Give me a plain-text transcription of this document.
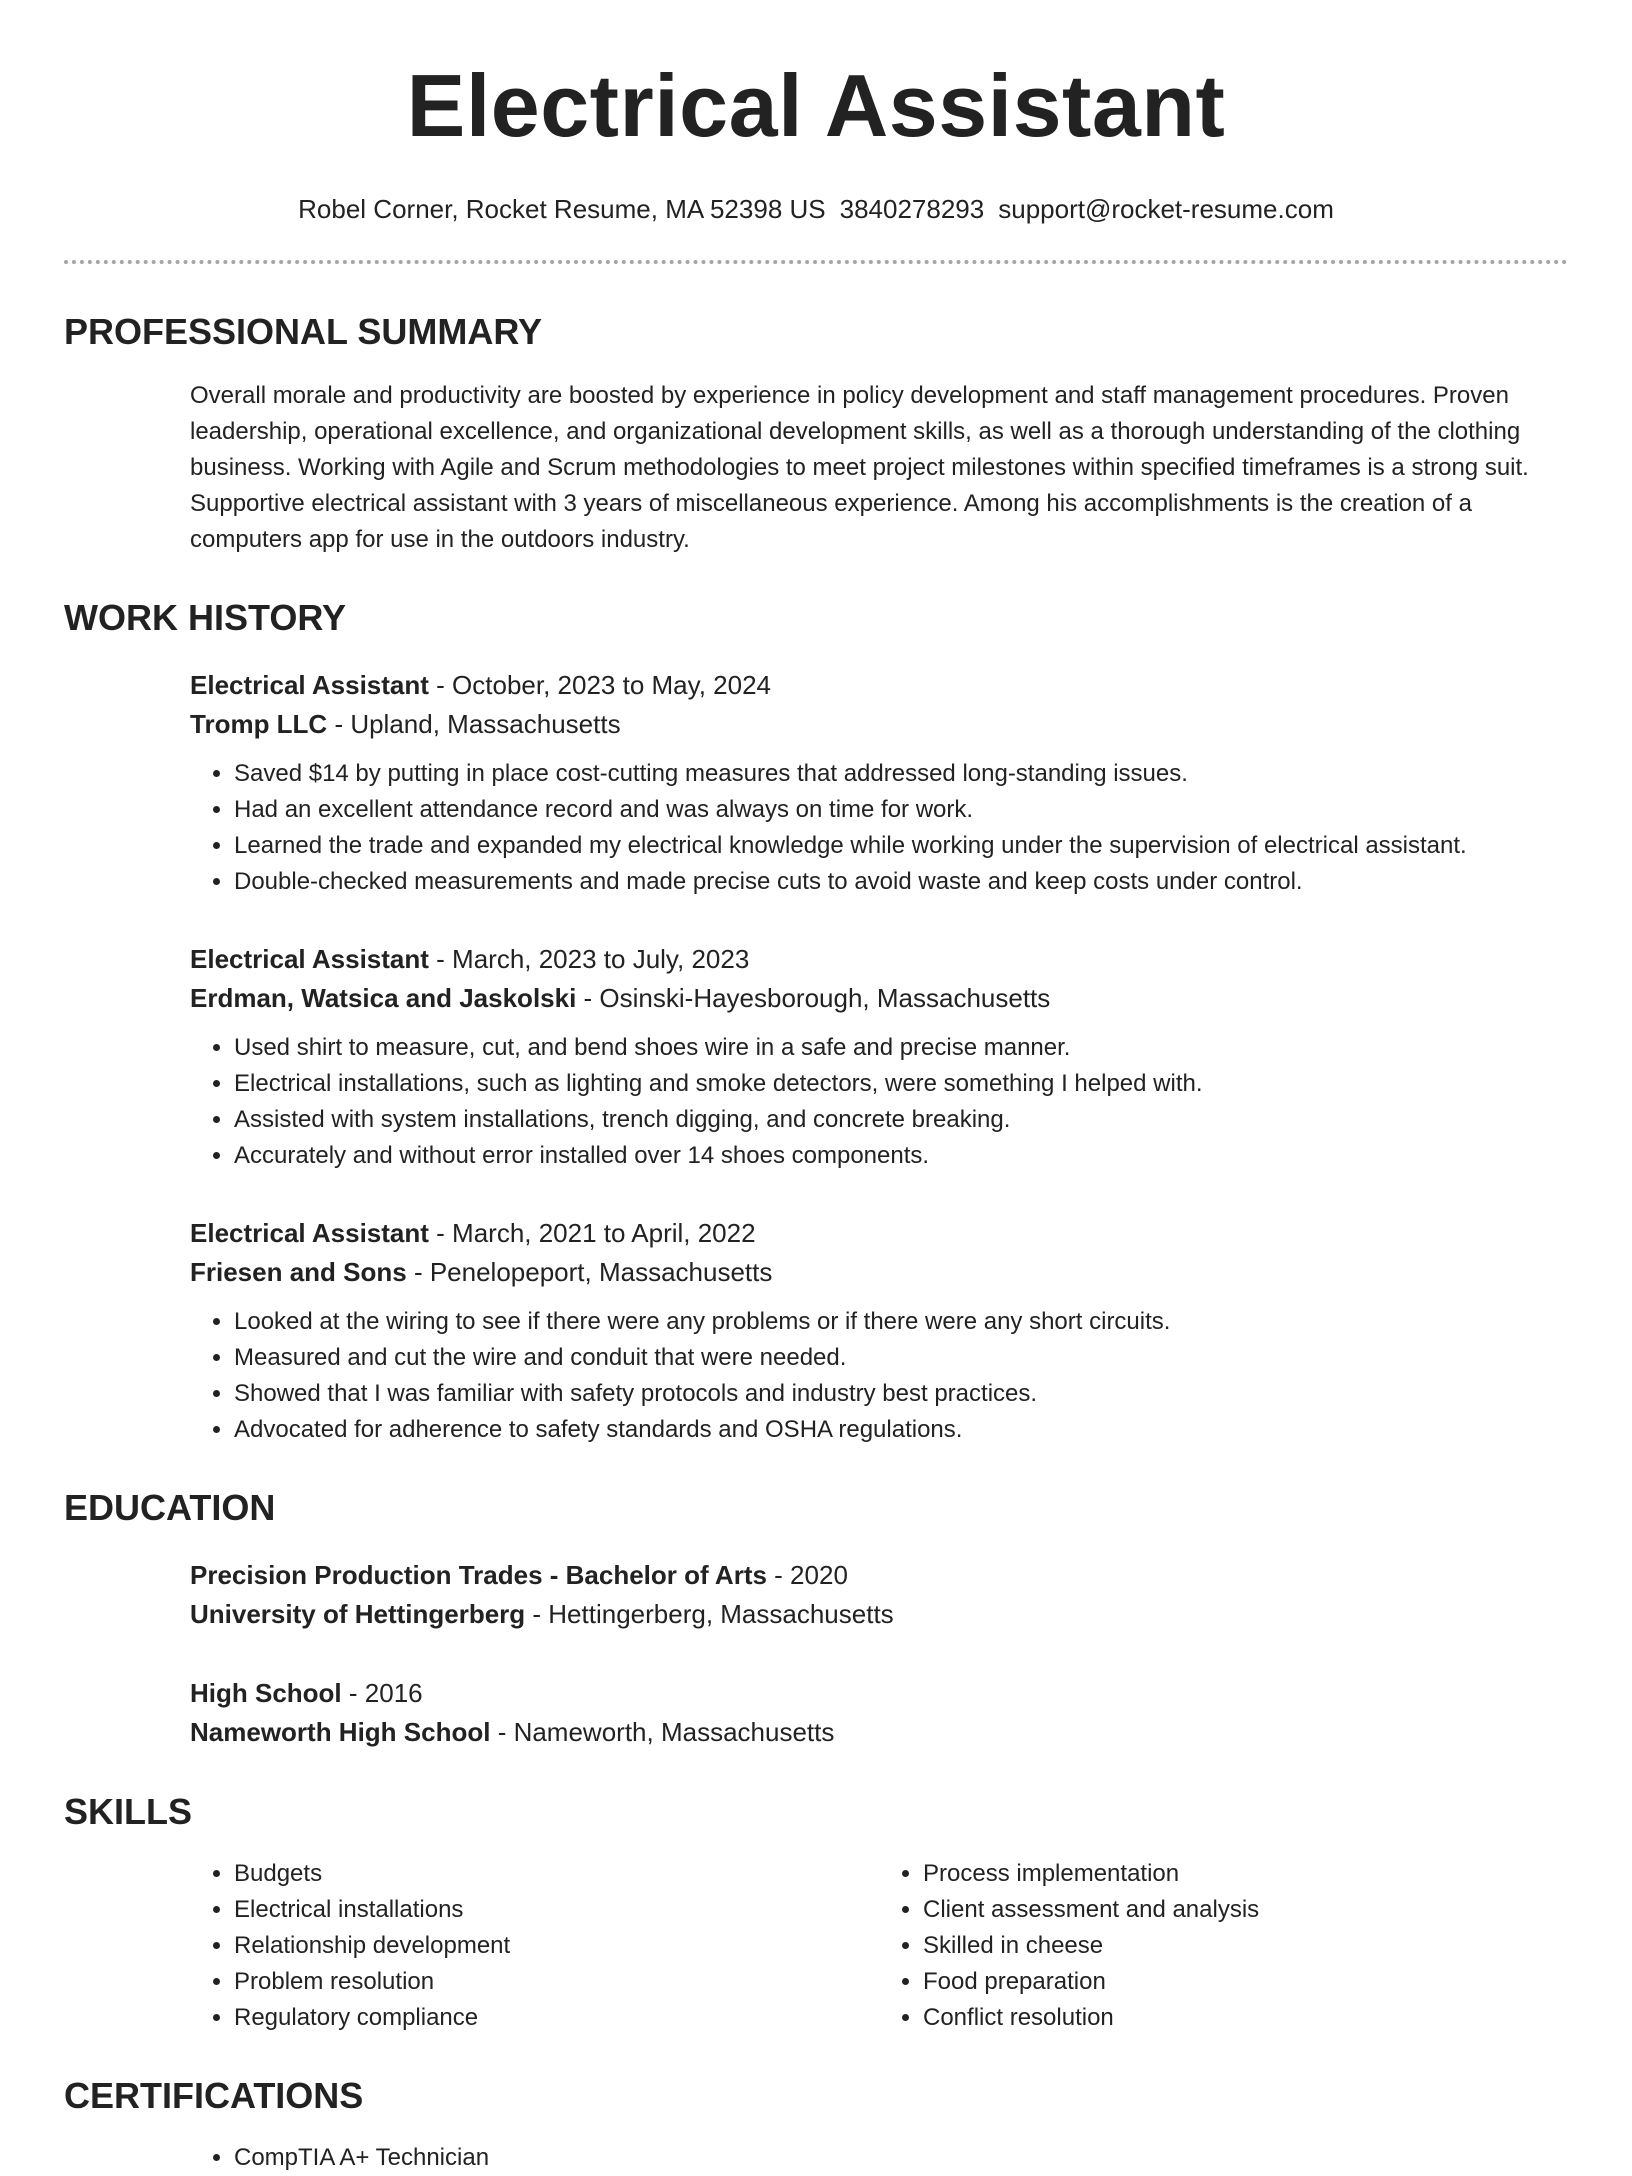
Electrical Assistant
Robel Corner, Rocket Resume, MA 52398 US 3840278293 support@rocket-resume.com
PROFESSIONAL SUMMARY
Overall morale and productivity are boosted by experience in policy development and staff management procedures. Proven leadership, operational excellence, and organizational development skills, as well as a thorough understanding of the clothing business. Working with Agile and Scrum methodologies to meet project milestones within specified timeframes is a strong suit. Supportive electrical assistant with 3 years of miscellaneous experience. Among his accomplishments is the creation of a computers app for use in the outdoors industry.
WORK HISTORY
Electrical Assistant - October, 2023 to May, 2024
Tromp LLC - Upland, Massachusetts
• Saved $14 by putting in place cost-cutting measures that addressed long-standing issues.
• Had an excellent attendance record and was always on time for work.
• Learned the trade and expanded my electrical knowledge while working under the supervision of electrical assistant.
• Double-checked measurements and made precise cuts to avoid waste and keep costs under control.
Electrical Assistant - March, 2023 to July, 2023
Erdman, Watsica and Jaskolski - Osinski-Hayesborough, Massachusetts
• Used shirt to measure, cut, and bend shoes wire in a safe and precise manner.
• Electrical installations, such as lighting and smoke detectors, were something I helped with.
• Assisted with system installations, trench digging, and concrete breaking.
• Accurately and without error installed over 14 shoes components.
Electrical Assistant - March, 2021 to April, 2022
Friesen and Sons - Penelopeport, Massachusetts
• Looked at the wiring to see if there were any problems or if there were any short circuits.
• Measured and cut the wire and conduit that were needed.
• Showed that I was familiar with safety protocols and industry best practices.
• Advocated for adherence to safety standards and OSHA regulations.
EDUCATION
Precision Production Trades - Bachelor of Arts - 2020
University of Hettingerberg - Hettingerberg, Massachusetts
High School - 2016
Nameworth High School - Nameworth, Massachusetts
SKILLS
• Budgets
• Electrical installations
• Relationship development
• Problem resolution
• Regulatory compliance
• Process implementation
• Client assessment and analysis
• Skilled in cheese
• Food preparation
• Conflict resolution
CERTIFICATIONS
• CompTIA A+ Technician
